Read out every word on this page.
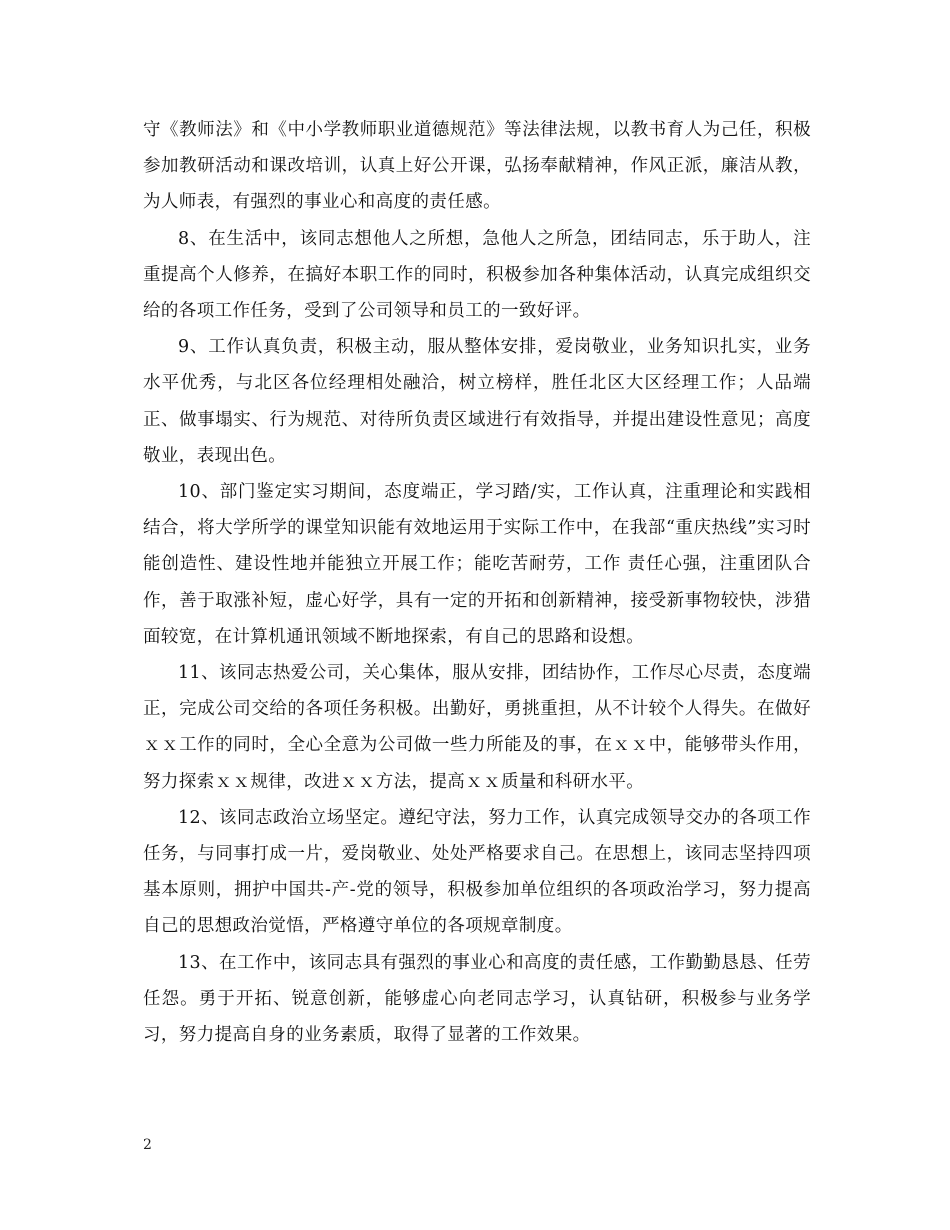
守《教师法》和《中小学教师职业道德规范》等法律法规，以教书育人为己任，积极参加教研活动和课改培训，认真上好公开课，弘扬奉献精神，作风正派，廉洁从教，为人师表，有强烈的事业心和高度的责任感。

8、在生活中，该同志想他人之所想，急他人之所急，团结同志，乐于助人，注重提高个人修养，在搞好本职工作的同时，积极参加各种集体活动，认真完成组织交给的各项工作任务，受到了公司领导和员工的一致好评。

9、工作认真负责，积极主动，服从整体安排，爱岗敬业，业务知识扎实，业务水平优秀，与北区各位经理相处融洽，树立榜样，胜任北区大区经理工作；人品端正、做事塌实、行为规范、对待所负责区域进行有效指导，并提出建设性意见；高度敬业，表现出色。

10、部门鉴定实习期间，态度端正，学习踏/实，工作认真，注重理论和实践相结合，将大学所学的课堂知识能有效地运用于实际工作中，在我部“重庆热线”实习时能创造性、建设性地并能独立开展工作；能吃苦耐劳，工作 责任心强，注重团队合作，善于取涨补短，虚心好学，具有一定的开拓和创新精神，接受新事物较快，涉猎面较宽，在计算机通讯领域不断地探索，有自己的思路和设想。

11、该同志热爱公司，关心集体，服从安排，团结协作，工作尽心尽责，态度端正，完成公司交给的各项任务积极。出勤好，勇挑重担，从不计较个人得失。在做好ｘｘ工作的同时，全心全意为公司做一些力所能及的事，在ｘｘ中，能够带头作用，努力探索ｘｘ规律，改进ｘｘ方法，提高ｘｘ质量和科研水平。

12、该同志政治立场坚定。遵纪守法，努力工作，认真完成领导交办的各项工作任务，与同事打成一片，爱岗敬业、处处严格要求自己。在思想上，该同志坚持四项基本原则，拥护中国共-产-党的领导，积极参加单位组织的各项政治学习，努力提高自己的思想政治觉悟，严格遵守单位的各项规章制度。

13、在工作中，该同志具有强烈的事业心和高度的责任感，工作勤勤恳恳、任劳任怨。勇于开拓、锐意创新，能够虚心向老同志学习，认真钻研，积极参与业务学习，努力提高自身的业务素质，取得了显著的工作效果。

2
